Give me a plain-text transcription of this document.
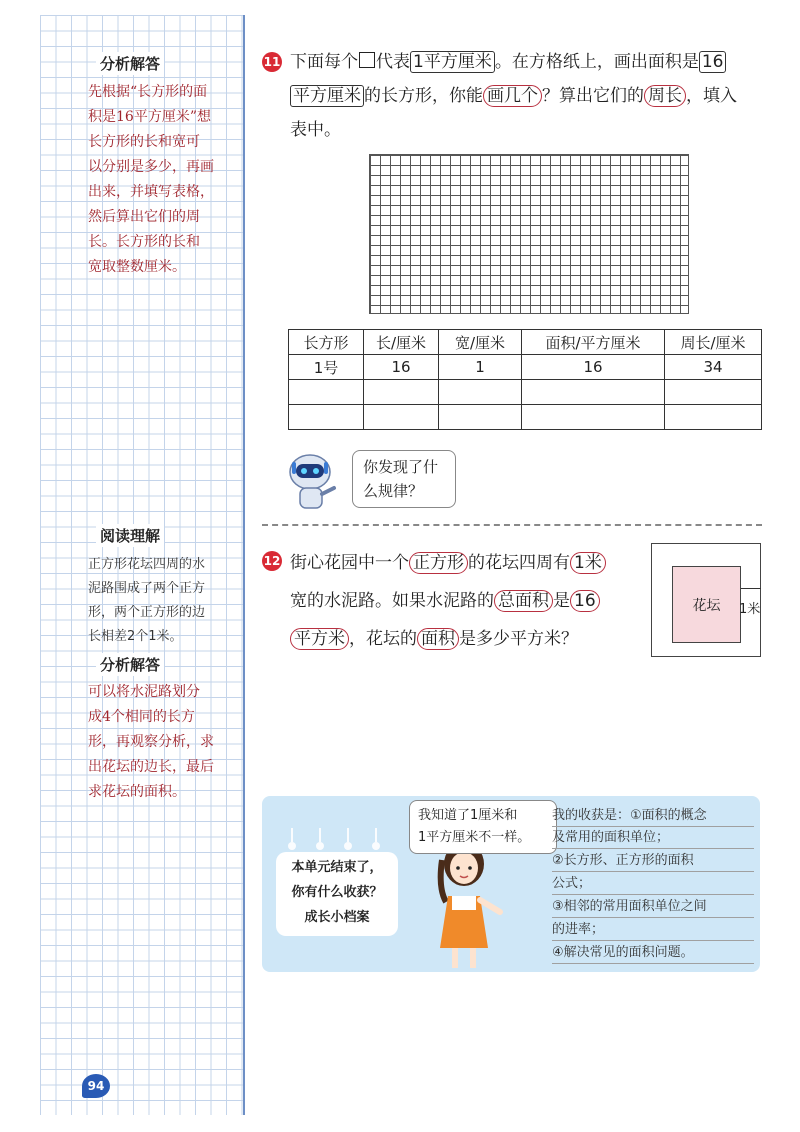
分析解答
先根据“长方形的面
积是16平方厘米”想
长方形的长和宽可
以分别是多少，再画
出来，并填写表格，
然后算出它们的周
长。长方形的长和
宽取整数厘米。
阅读理解
正方形花坛四周的水
泥路围成了两个正方
形，两个正方形的边
长相差2个1米。
分析解答
可以将水泥路划分
成4个相同的长方
形，再观察分析，求
出花坛的边长，最后
求花坛的面积。
11 下面每个 代表 1平方厘米 。在方格纸上，画出面积是 16
平方厘米 的长方形，你能 画几个 ？算出它们的 周长 ，填入
表中。
长方形	长/厘米	宽/厘米	面积/平方厘米	周长/厘米
1号	16	1	16	34

你发现了什
么规律？
12 街心花园中一个 正方形 的花坛四周有 1米
宽的水泥路。如果水泥路的 总面积 是 16
平方米 ，花坛的 面积 是多少平方米？
花坛	1米
本单元结束了，
你有什么收获？
成长小档案
我知道了1厘米和
1平方厘米不一样。
我的收获是：①面积的概念
及常用的面积单位；
②长方形、正方形的面积
公式；
③相邻的常用面积单位之间
的进率；
④解决常见的面积问题。
94
